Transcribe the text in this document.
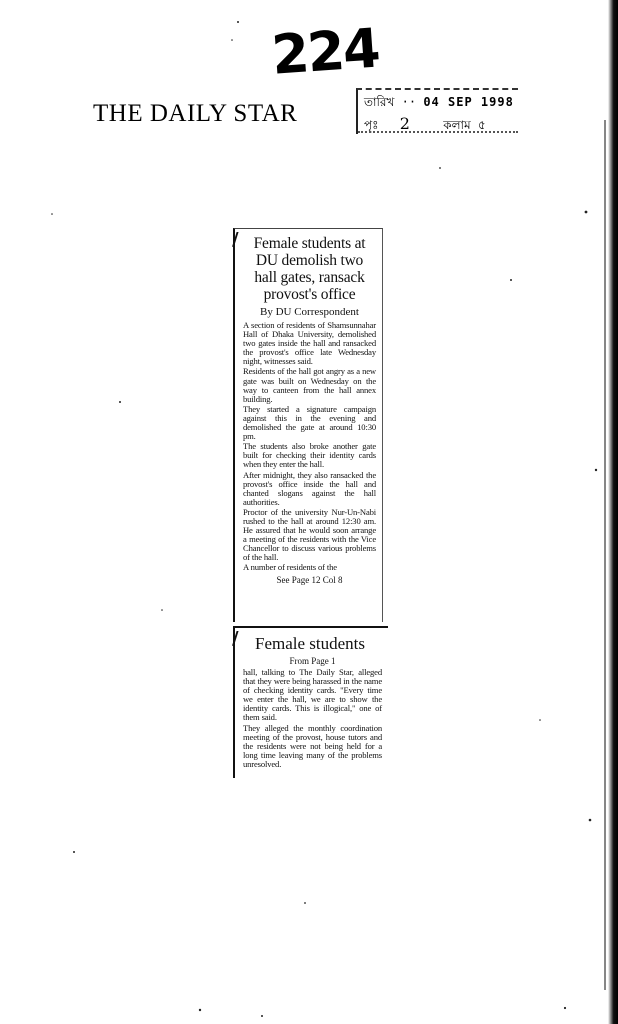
224
THE DAILY STAR	তারিখ ·· 04 SEP 1998
পৃঃ 2	কলাম ৫
/ Female students at DU demolish two hall gates, ransack provost's office
By DU Correspondent

A section of residents of Shamsunnahar Hall of Dhaka University, demolished two gates inside the hall and ransacked the provost's office late Wednesday night, witnesses said.

Residents of the hall got angry as a new gate was built on Wednesday on the way to canteen from the hall annex building.

They started a signature campaign against this in the evening and demolished the gate at around 10:30 pm.

The students also broke another gate built for checking their identity cards when they enter the hall.

After midnight, they also ransacked the provost's office inside the hall and chanted slogans against the hall authorities.

Proctor of the university Nur-Un-Nabi rushed to the hall at around 12:30 am. He assured that he would soon arrange a meeting of the residents with the Vice Chancellor to discuss various problems of the hall.

A number of residents of the

See Page 12 Col 8
/ Female students
From Page 1

hall, talking to The Daily Star, alleged that they were being harassed in the name of checking identity cards. "Every time we enter the hall, we are to show the identity cards. This is illogical," one of them said.

They alleged the monthly coordination meeting of the provost, house tutors and the residents were not being held for a long time leaving many of the problems unresolved.
